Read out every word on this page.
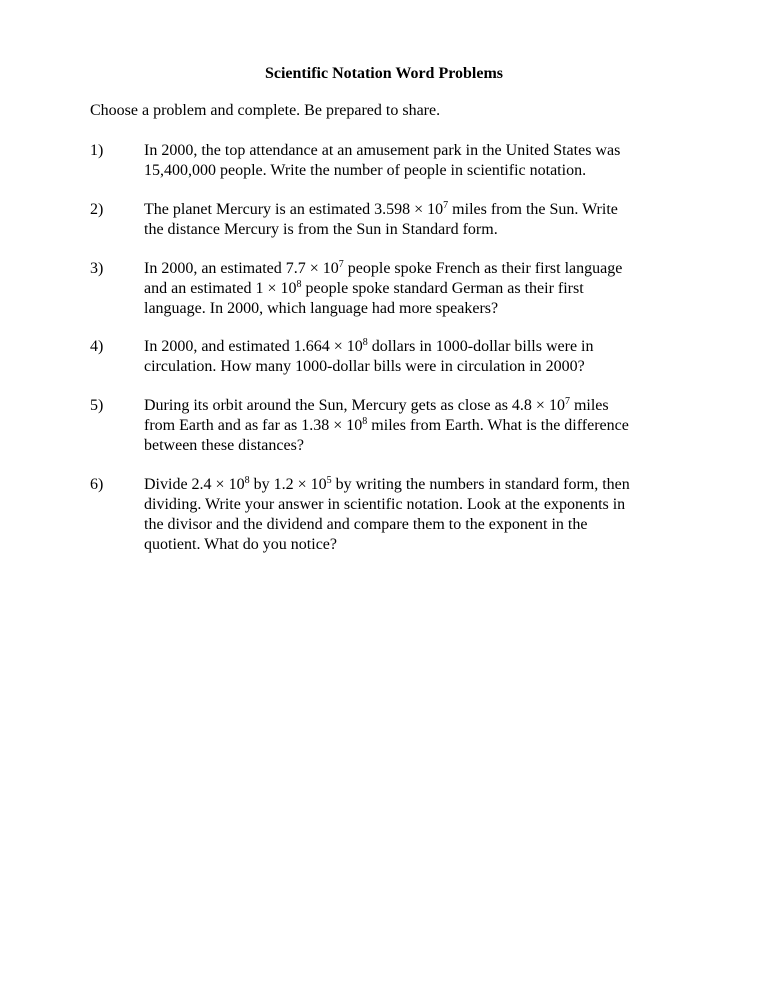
Scientific Notation Word Problems
Choose a problem and complete. Be prepared to share.
1)	In 2000, the top attendance at an amusement park in the United States was
15,400,000 people. Write the number of people in scientific notation.
2)	The planet Mercury is an estimated $3.598 \times 10^7$ miles from the Sun. Write
the distance Mercury is from the Sun in Standard form.
3)	In 2000, an estimated $7.7 \times 10^7$ people spoke French as their first language
and an estimated $1 \times 10^8$ people spoke standard German as their first
language. In 2000, which language had more speakers?
4)	In 2000, and estimated $1.664 \times 10^8$ dollars in 1000-dollar bills were in
circulation. How many 1000-dollar bills were in circulation in 2000?
5)	During its orbit around the Sun, Mercury gets as close as $4.8 \times 10^7$ miles
from Earth and as far as $1.38 \times 10^8$ miles from Earth. What is the difference
between these distances?
6)	Divide $2.4 \times 10^8$ by $1.2 \times 10^5$ by writing the numbers in standard form, then
dividing. Write your answer in scientific notation. Look at the exponents in
the divisor and the dividend and compare them to the exponent in the
quotient. What do you notice?
